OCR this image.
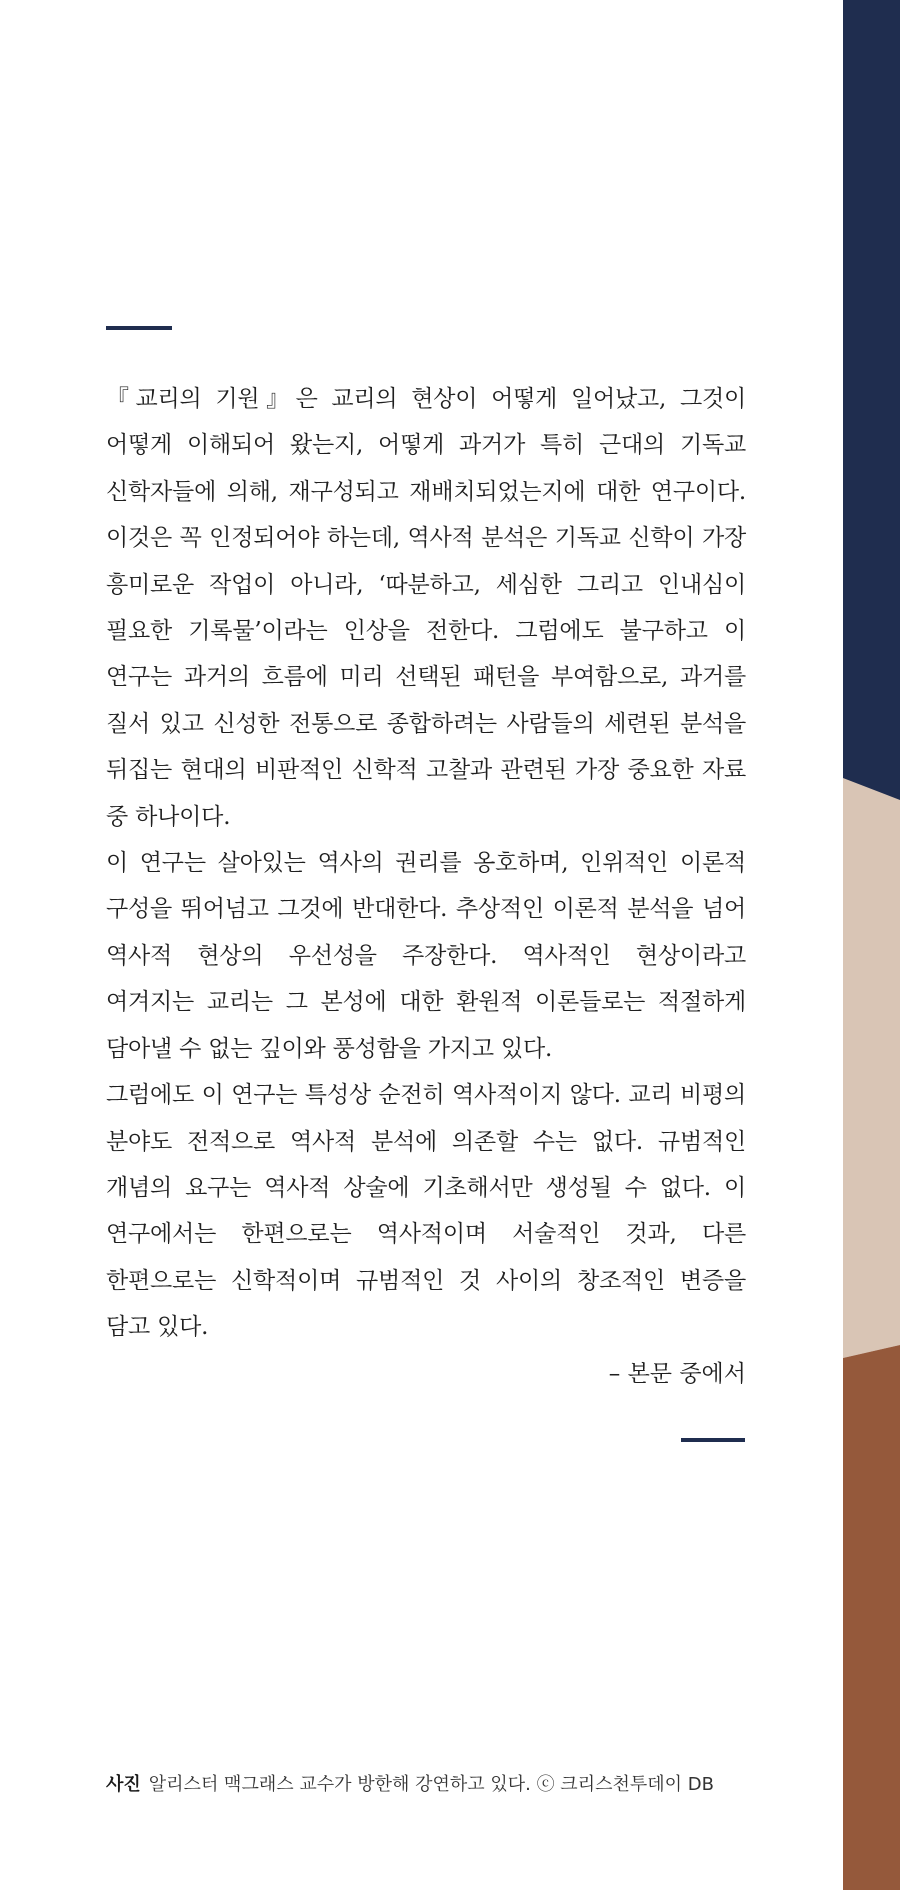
『교리의 기원』은 교리의 현상이 어떻게 일어났고, 그것이 어떻게 이해되어 왔는지, 어떻게 과거가 특히 근대의 기독교 신학자들에 의해, 재구성되고 재배치되었는지에 대한 연구이다. 이것은 꼭 인정되어야 하는데, 역사적 분석은 기독교 신학이 가장 흥미로운 작업이 아니라, ‘따분하고, 세심한 그리고 인내심이 필요한 기록물’이라는 인상을 전한다. 그럼에도 불구하고 이 연구는 과거의 흐름에 미리 선택된 패턴을 부여함으로, 과거를 질서 있고 신성한 전통으로 종합하려는 사람들의 세련된 분석을 뒤집는 현대의 비판적인 신학적 고찰과 관련된 가장 중요한 자료 중 하나이다.

이 연구는 살아있는 역사의 권리를 옹호하며, 인위적인 이론적 구성을 뛰어넘고 그것에 반대한다. 추상적인 이론적 분석을 넘어 역사적 현상의 우선성을 주장한다. 역사적인 현상이라고 여겨지는 교리는 그 본성에 대한 환원적 이론들로는 적절하게 담아낼 수 없는 깊이와 풍성함을 가지고 있다.

그럼에도 이 연구는 특성상 순전히 역사적이지 않다. 교리 비평의 분야도 전적으로 역사적 분석에 의존할 수는 없다. 규범적인 개념의 요구는 역사적 상술에 기초해서만 생성될 수 없다. 이 연구에서는 한편으로는 역사적이며 서술적인 것과, 다른 한편으로는 신학적이며 규범적인 것 사이의 창조적인 변증을 담고 있다.

– 본문 중에서

사진 알리스터 맥그래스 교수가 방한해 강연하고 있다. ⓒ 크리스천투데이 DB
